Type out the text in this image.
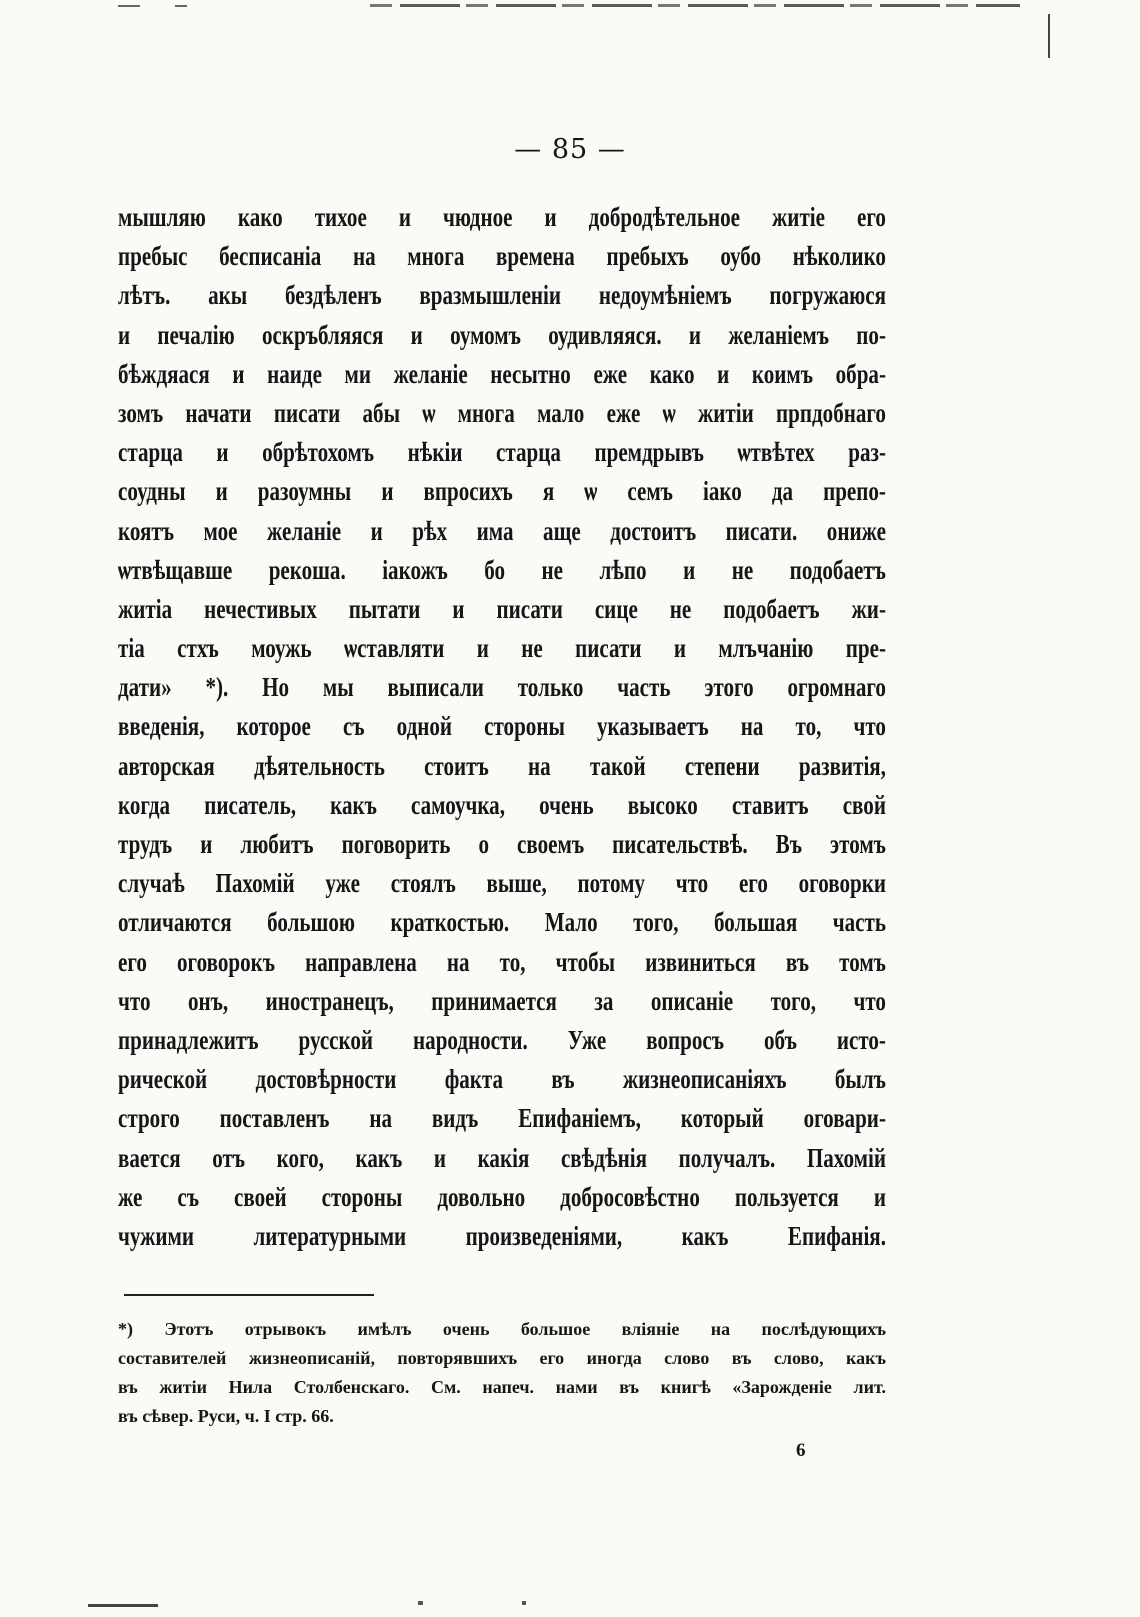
— 85 —
мышляю како тихое и чюдное и добродѣтельное житіе его
пребыс бесписаніа на многа времена пребыхъ оубо нѣколико
лѣтъ. акы бездѣленъ вразмышленіи недоумѣніемъ погружаюся
и печалію оскръбляяся и оумомъ оудивляяся. и желаніемъ по-
бѣждяася и наиде ми желаніе несытно еже како и коимъ обра-
зомъ начати писати абы ѡ многа мало еже ѡ житіи прпдобнаго
старца и обрѣтохомъ нѣкіи старца премдрывъ ѡтвѣтех раз-
соудны и разоумны и впросихъ я ѡ семъ іако да препо-
коятъ мое желаніе и рѣх има аще достоитъ писати. ониже
ѡтвѣщавше рекоша. іакожъ бо не лѣпо и не подобаетъ
житіа нечестивых пытати и писати сице не подобаетъ жи-
тіа стхъ моужь ѡставляти и не писати и млъчанію пре-
дати» *). Но мы выписали только часть этого огромнаго
введенія, которое съ одной стороны указываетъ на то, что
авторская дѣятельность стоитъ на такой степени развитія,
когда писатель, какъ самоучка, очень высоко ставитъ свой
трудъ и любитъ поговорить о своемъ писательствѣ. Въ этомъ
случаѣ Пахомій уже стоялъ выше, потому что его оговорки
отличаются большою краткостью. Мало того, большая часть
его оговорокъ направлена на то, чтобы извиниться въ томъ
что онъ, иностранецъ, принимается за описаніе того, что
принадлежитъ русской народности. Уже вопросъ объ исто-
рической достовѣрности факта въ жизнеописаніяхъ былъ
строго поставленъ на видъ Епифаніемъ, который оговари-
вается отъ кого, какъ и какія свѣдѣнія получалъ. Пахомій
же съ своей стороны довольно добросовѣстно пользуется и
чужими литературными произведеніями, какъ Епифанія.
*) Этотъ отрывокъ имѣлъ очень большое вліяніе на послѣдующихъ
составителей жизнеописаній, повторявшихъ его иногда слово въ слово, какъ
въ житіи Нила Столбенскаго. См. напеч. нами въ книгѣ «Зарожденіе лит.
въ сѣвер. Руси, ч. I стр. 66.
6
